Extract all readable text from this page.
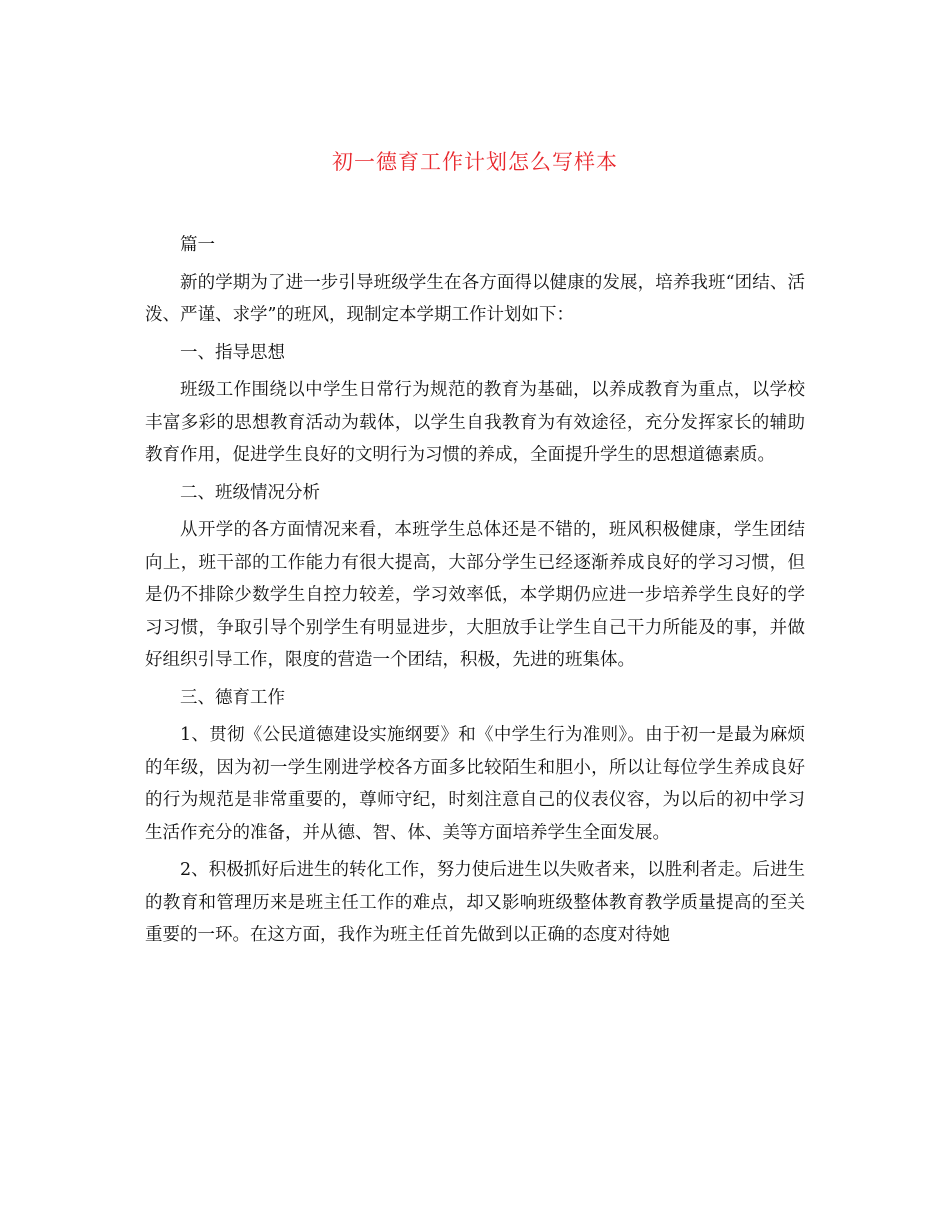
初一德育工作计划怎么写样本

篇一

新的学期为了进一步引导班级学生在各方面得以健康的发展，培养我班“团结、活泼、严谨、求学”的班风，现制定本学期工作计划如下：

一、指导思想

班级工作围绕以中学生日常行为规范的教育为基础，以养成教育为重点，以学校丰富多彩的思想教育活动为载体，以学生自我教育为有效途径，充分发挥家长的辅助教育作用，促进学生良好的文明行为习惯的养成，全面提升学生的思想道德素质。

二、班级情况分析

从开学的各方面情况来看，本班学生总体还是不错的，班风积极健康，学生团结向上，班干部的工作能力有很大提高，大部分学生已经逐渐养成良好的学习习惯，但是仍不排除少数学生自控力较差，学习效率低，本学期仍应进一步培养学生良好的学习习惯，争取引导个别学生有明显进步，大胆放手让学生自己干力所能及的事，并做好组织引导工作，限度的营造一个团结，积极，先进的班集体。

三、德育工作

1、贯彻《公民道德建设实施纲要》和《中学生行为准则》。由于初一是最为麻烦的年级，因为初一学生刚进学校各方面多比较陌生和胆小，所以让每位学生养成良好的行为规范是非常重要的，尊师守纪，时刻注意自己的仪表仪容，为以后的初中学习生活作充分的准备，并从德、智、体、美等方面培养学生全面发展。

2、积极抓好后进生的转化工作，努力使后进生以失败者来，以胜利者走。后进生的教育和管理历来是班主任工作的难点，却又影响班级整体教育教学质量提高的至关重要的一环。在这方面，我作为班主任首先做到以正确的态度对待她
